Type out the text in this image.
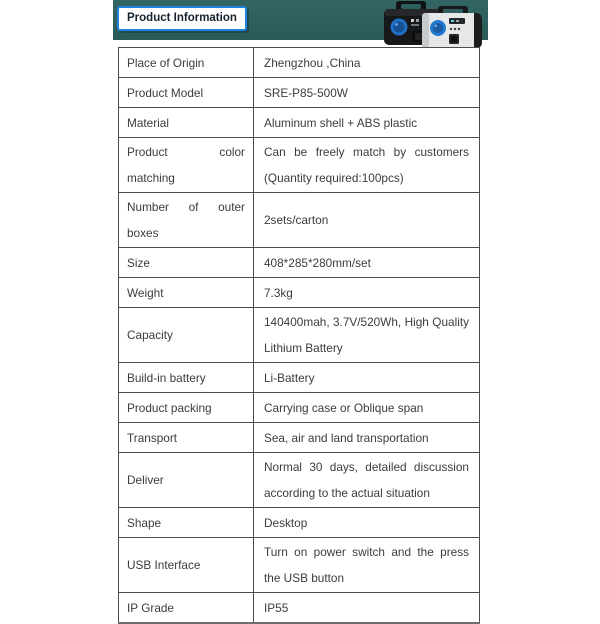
Product Information
Place of Origin	Zhengzhou ,China
Product Model	SRE-P85-500W
Material	Aluminum shell + ABS plastic
Product color matching	Can be freely match by customers (Quantity required:100pcs)
Number of outer boxes	2sets/carton
Size	408*285*280mm/set
Weight	7.3kg
Capacity	140400mah, 3.7V/520Wh, High Quality Lithium Battery
Build-in battery	Li-Battery
Product packing	Carrying case or Oblique span
Transport	Sea, air and land transportation
Deliver	Normal 30 days, detailed discussion according to the actual situation
Shape	Desktop
USB Interface	Turn on power switch and the press the USB button
IP Grade	IP55
